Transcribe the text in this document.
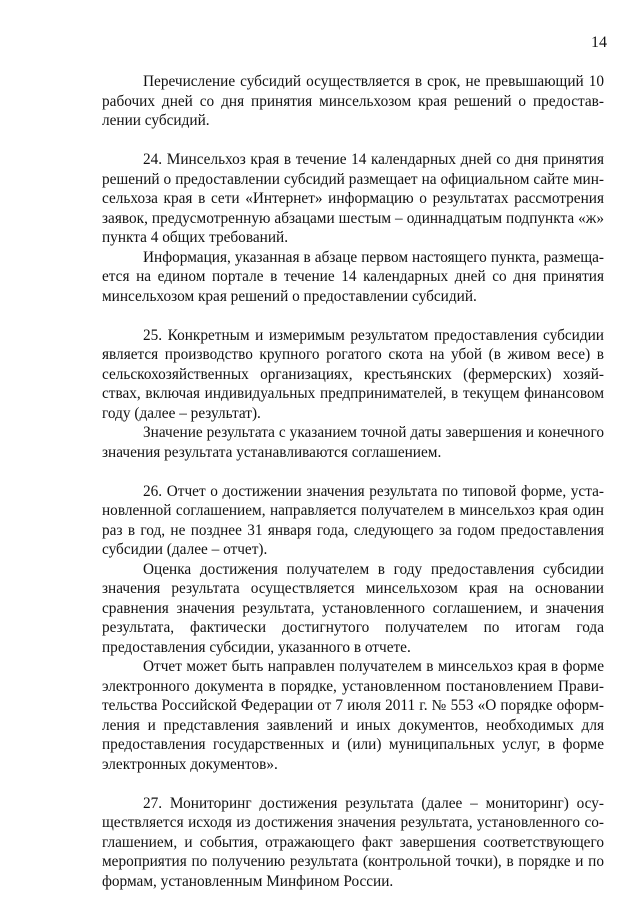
14

Перечисление субсидий осуществляется в срок, не превышающий 10 рабочих дней со дня принятия минсельхозом края решений о предоставлении субсидий.

24. Минсельхоз края в течение 14 календарных дней со дня принятия решений о предоставлении субсидий размещает на официальном сайте минсельхоза края в сети «Интернет» информацию о результатах рассмотрения заявок, предусмотренную абзацами шестым – одиннадцатым подпункта «ж» пункта 4 общих требований.

Информация, указанная в абзаце первом настоящего пункта, размещается на едином портале в течение 14 календарных дней со дня принятия минсельхозом края решений о предоставлении субсидий.

25. Конкретным и измеримым результатом предоставления субсидии является производство крупного рогатого скота на убой (в живом весе) в сельскохозяйственных организациях, крестьянских (фермерских) хозяйствах, включая индивидуальных предпринимателей, в текущем финансовом году (далее – результат).

Значение результата с указанием точной даты завершения и конечного значения результата устанавливаются соглашением.

26. Отчет о достижении значения результата по типовой форме, установленной соглашением, направляется получателем в минсельхоз края один раз в год, не позднее 31 января года, следующего за годом предоставления субсидии (далее – отчет).

Оценка достижения получателем в году предоставления субсидии значения результата осуществляется минсельхозом края на основании сравнения значения результата, установленного соглашением, и значения результата, фактически достигнутого получателем по итогам года предоставления субсидии, указанного в отчете.

Отчет может быть направлен получателем в минсельхоз края в форме электронного документа в порядке, установленном постановлением Правительства Российской Федерации от 7 июля 2011 г. № 553 «О порядке оформления и представления заявлений и иных документов, необходимых для предоставления государственных и (или) муниципальных услуг, в форме электронных документов».

27. Мониторинг достижения результата (далее – мониторинг) осуществляется исходя из достижения значения результата, установленного соглашением, и события, отражающего факт завершения соответствующего мероприятия по получению результата (контрольной точки), в порядке и по формам, установленным Минфином России.
